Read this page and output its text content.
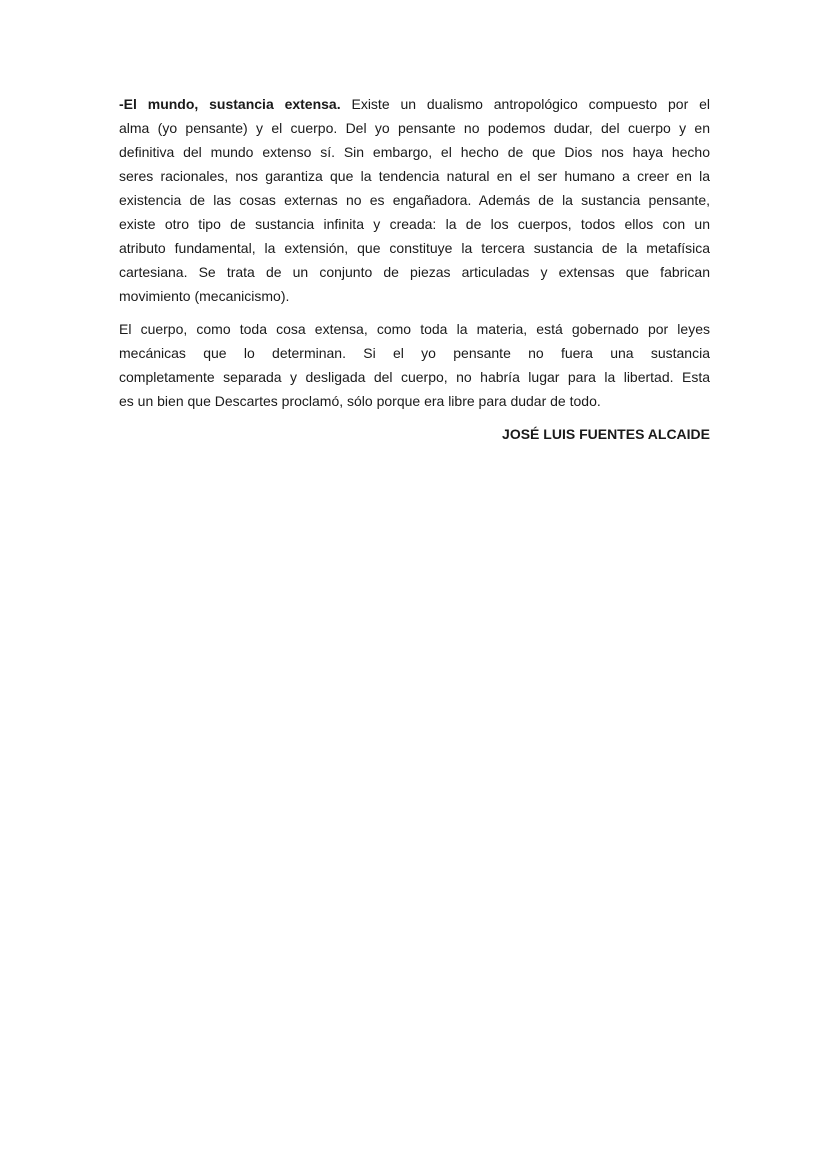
-El mundo, sustancia extensa. Existe un dualismo antropológico compuesto por el
alma (yo pensante) y el cuerpo. Del yo pensante no podemos dudar, del cuerpo y en
definitiva del mundo extenso sí. Sin embargo, el hecho de que Dios nos haya hecho
seres racionales, nos garantiza que la tendencia natural en el ser humano a creer en la
existencia de las cosas externas no es engañadora. Además de la sustancia pensante,
existe otro tipo de sustancia infinita y creada: la de los cuerpos, todos ellos con un
atributo fundamental, la extensión, que constituye la tercera sustancia de la metafísica
cartesiana. Se trata de un conjunto de piezas articuladas y extensas que fabrican
movimiento (mecanicismo).
El cuerpo, como toda cosa extensa, como toda la materia, está gobernado por leyes
mecánicas que lo determinan. Si el yo pensante no fuera una sustancia
completamente separada y desligada del cuerpo, no habría lugar para la libertad. Esta
es un bien que Descartes proclamó, sólo porque era libre para dudar de todo.

JOSÉ LUIS FUENTES ALCAIDE
